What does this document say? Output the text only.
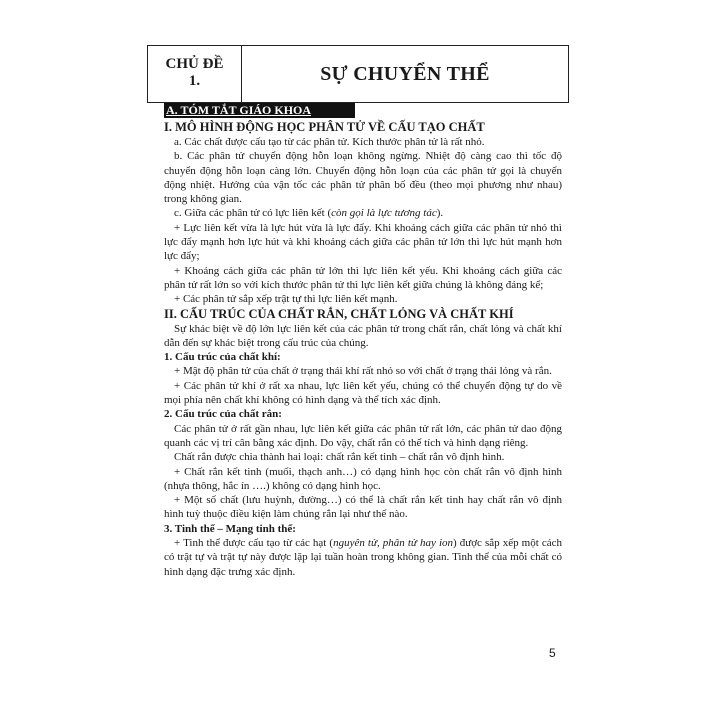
CHỦ ĐỀ
1.	SỰ CHUYỂN THỂ
A. TÓM TẮT GIÁO KHOA

I. MÔ HÌNH ĐỘNG HỌC PHÂN TỬ VỀ CẤU TẠO CHẤT

a. Các chất được cấu tạo từ các phân tử. Kích thước phân tử là rất nhỏ.

b. Các phân tử chuyển động hỗn loạn không ngừng. Nhiệt độ càng cao thì tốc độ chuyển động hỗn loạn càng lớn. Chuyển động hỗn loạn của các phân tử gọi là chuyển động nhiệt. Hướng của vận tốc các phân tử phân bố đều (theo mọi phương như nhau) trong không gian.

c. Giữa các phân tử có lực liên kết (còn gọi là lực tương tác).

+ Lực liên kết vừa là lực hút vừa là lực đẩy. Khi khoảng cách giữa các phân tử nhỏ thì lực đẩy mạnh hơn lực hút và khi khoảng cách giữa các phân tử lớn thì lực hút mạnh hơn lực đẩy;

+ Khoảng cách giữa các phân tử lớn thì lực liên kết yếu. Khi khoảng cách giữa các phân tử rất lớn so với kích thước phân tử thì lực liên kết giữa chúng là không đáng kể;

+ Các phân tử sắp xếp trật tự thì lực liên kết mạnh.

II. CẤU TRÚC CỦA CHẤT RẮN, CHẤT LỎNG VÀ CHẤT KHÍ

Sự khác biệt về độ lớn lực liên kết của các phân tử trong chất rắn, chất lỏng và chất khí dẫn đến sự khác biệt trong cấu trúc của chúng.

1. Cấu trúc của chất khí:

+ Mật độ phân tử của chất ở trạng thái khí rất nhỏ so với chất ở trạng thái lỏng và rắn.

+ Các phân tử khí ở rất xa nhau, lực liên kết yếu, chúng có thể chuyển động tự do về mọi phía nên chất khí không có hình dạng và thể tích xác định.

2. Cấu trúc của chất rắn:

Các phân tử ở rất gần nhau, lực liên kết giữa các phân tử rất lớn, các phân tử dao động quanh các vị trí cân bằng xác định. Do vậy, chất rắn có thể tích và hình dạng riêng.

Chất rắn được chia thành hai loại: chất rắn kết tinh – chất rắn vô định hình.

+ Chất rắn kết tinh (muối, thạch anh…) có dạng hình học còn chất rắn vô định hình (nhựa thông, hắc ín ….) không có dạng hình học.

+ Một số chất (lưu huỳnh, đường…) có thể là chất rắn kết tinh hay chất rắn vô định hình tuỳ thuộc điều kiện làm chúng rắn lại như thế nào.

3. Tinh thể – Mạng tinh thể:

+ Tinh thể được cấu tạo từ các hạt (nguyên tử, phân tử hay ion) được sắp xếp một cách có trật tự và trật tự này được lặp lại tuần hoàn trong không gian. Tinh thể của mỗi chất có hình dạng đặc trưng xác định.

5
